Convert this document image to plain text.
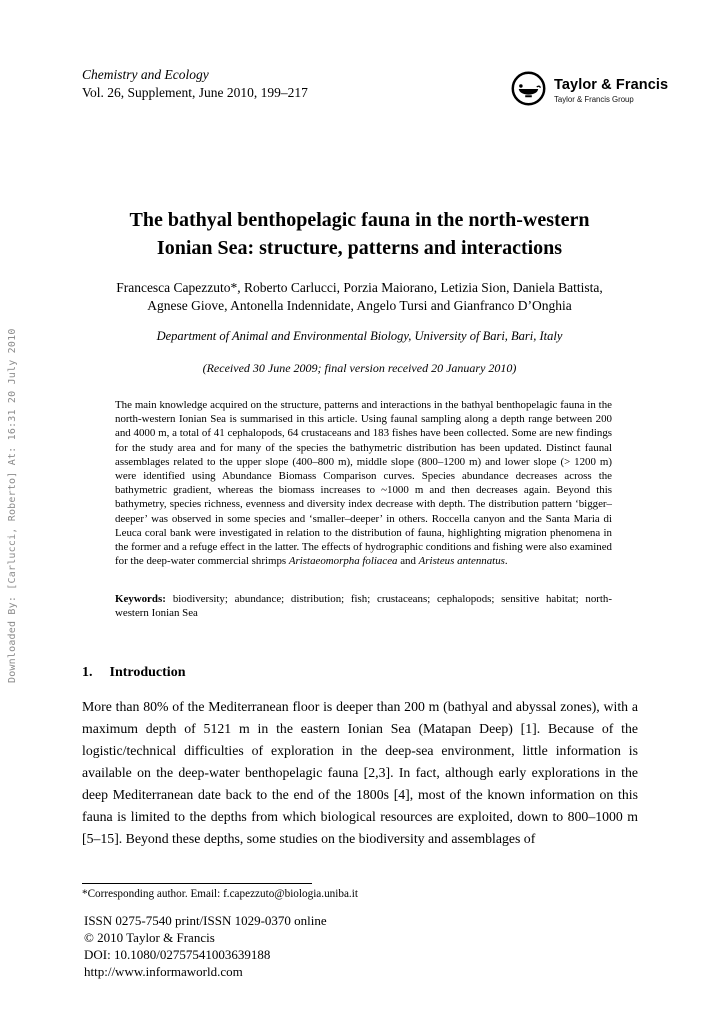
Downloaded By: [Carlucci, Roberto] At: 16:31 20 July 2010
Chemistry and Ecology
Vol. 26, Supplement, June 2010, 199–217	Taylor & Francis
Taylor & Francis Group
The bathyal benthopelagic fauna in the north-western
Ionian Sea: structure, patterns and interactions
Francesca Capezzuto*, Roberto Carlucci, Porzia Maiorano, Letizia Sion, Daniela Battista,
Agnese Giove, Antonella Indennidate, Angelo Tursi and Gianfranco D’Onghia
Department of Animal and Environmental Biology, University of Bari, Bari, Italy
(Received 30 June 2009; final version received 20 January 2010)

The main knowledge acquired on the structure, patterns and interactions in the bathyal benthopelagic fauna in the north-western Ionian Sea is summarised in this article. Using faunal sampling along a depth range between 200 and 4000 m, a total of 41 cephalopods, 64 crustaceans and 183 fishes have been collected. Some are new findings for the study area and for many of the species the bathymetric distribution has been updated. Distinct faunal assemblages related to the upper slope (400–800 m), middle slope (800–1200 m) and lower slope (> 1200 m) were identified using Abundance Biomass Comparison curves. Species abundance decreases across the bathymetric gradient, whereas the biomass increases to ~1000 m and then decreases again. Beyond this bathymetry, species richness, evenness and diversity index decrease with depth. The distribution pattern ‘bigger–deeper’ was observed in some species and ‘smaller–deeper’ in others. Roccella canyon and the Santa Maria di Leuca coral bank were investigated in relation to the distribution of fauna, highlighting migration phenomena in the former and a refuge effect in the latter. The effects of hydrographic conditions and fishing were also examined for the deep-water commercial shrimps Aristaeomorpha foliacea and Aristeus antennatus.

Keywords: biodiversity; abundance; distribution; fish; crustaceans; cephalopods; sensitive habitat; north-western Ionian Sea

1. Introduction

More than 80% of the Mediterranean floor is deeper than 200 m (bathyal and abyssal zones), with a maximum depth of 5121 m in the eastern Ionian Sea (Matapan Deep) [1]. Because of the logistic/technical difficulties of exploration in the deep-sea environment, little information is available on the deep-water benthopelagic fauna [2,3]. In fact, although early explorations in the deep Mediterranean date back to the end of the 1800s [4], most of the known information on this fauna is limited to the depths from which biological resources are exploited, down to 800–1000 m [5–15]. Beyond these depths, some studies on the biodiversity and assemblages of

*Corresponding author. Email: f.capezzuto@biologia.uniba.it
ISSN 0275-7540 print/ISSN 1029-0370 online
© 2010 Taylor & Francis
DOI: 10.1080/02757541003639188
http://www.informaworld.com
